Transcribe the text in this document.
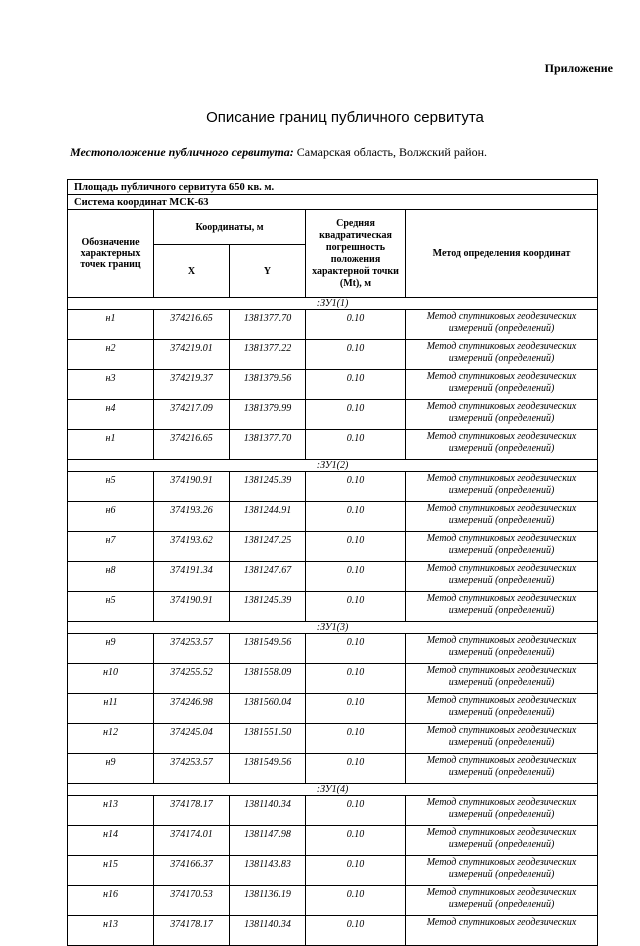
Приложение
Описание границ публичного сервитута
Местоположение публичного сервитута: Самарская область, Волжский район.
Площадь публичного сервитута 650 кв. м.				
Система координат МСК-63				
Обозначение характерных точек границ	Координаты, м		Средняя квадратическая погрешность положения характерной точки (Mt), м	Метод определения координат
	X	Y		
:ЗУ1(1)				
н1	374216.65	1381377.70	0.10	Метод спутниковых геодезических измерений (определений)
н2	374219.01	1381377.22	0.10	Метод спутниковых геодезических измерений (определений)
н3	374219.37	1381379.56	0.10	Метод спутниковых геодезических измерений (определений)
н4	374217.09	1381379.99	0.10	Метод спутниковых геодезических измерений (определений)
н1	374216.65	1381377.70	0.10	Метод спутниковых геодезических измерений (определений)
:ЗУ1(2)				
н5	374190.91	1381245.39	0.10	Метод спутниковых геодезических измерений (определений)
н6	374193.26	1381244.91	0.10	Метод спутниковых геодезических измерений (определений)
н7	374193.62	1381247.25	0.10	Метод спутниковых геодезических измерений (определений)
н8	374191.34	1381247.67	0.10	Метод спутниковых геодезических измерений (определений)
н5	374190.91	1381245.39	0.10	Метод спутниковых геодезических измерений (определений)
:ЗУ1(3)				
н9	374253.57	1381549.56	0.10	Метод спутниковых геодезических измерений (определений)
н10	374255.52	1381558.09	0.10	Метод спутниковых геодезических измерений (определений)
н11	374246.98	1381560.04	0.10	Метод спутниковых геодезических измерений (определений)
н12	374245.04	1381551.50	0.10	Метод спутниковых геодезических измерений (определений)
н9	374253.57	1381549.56	0.10	Метод спутниковых геодезических измерений (определений)
:ЗУ1(4)				
н13	374178.17	1381140.34	0.10	Метод спутниковых геодезических измерений (определений)
н14	374174.01	1381147.98	0.10	Метод спутниковых геодезических измерений (определений)
н15	374166.37	1381143.83	0.10	Метод спутниковых геодезических измерений (определений)
н16	374170.53	1381136.19	0.10	Метод спутниковых геодезических измерений (определений)
н13	374178.17	1381140.34	0.10	Метод спутниковых геодезических
